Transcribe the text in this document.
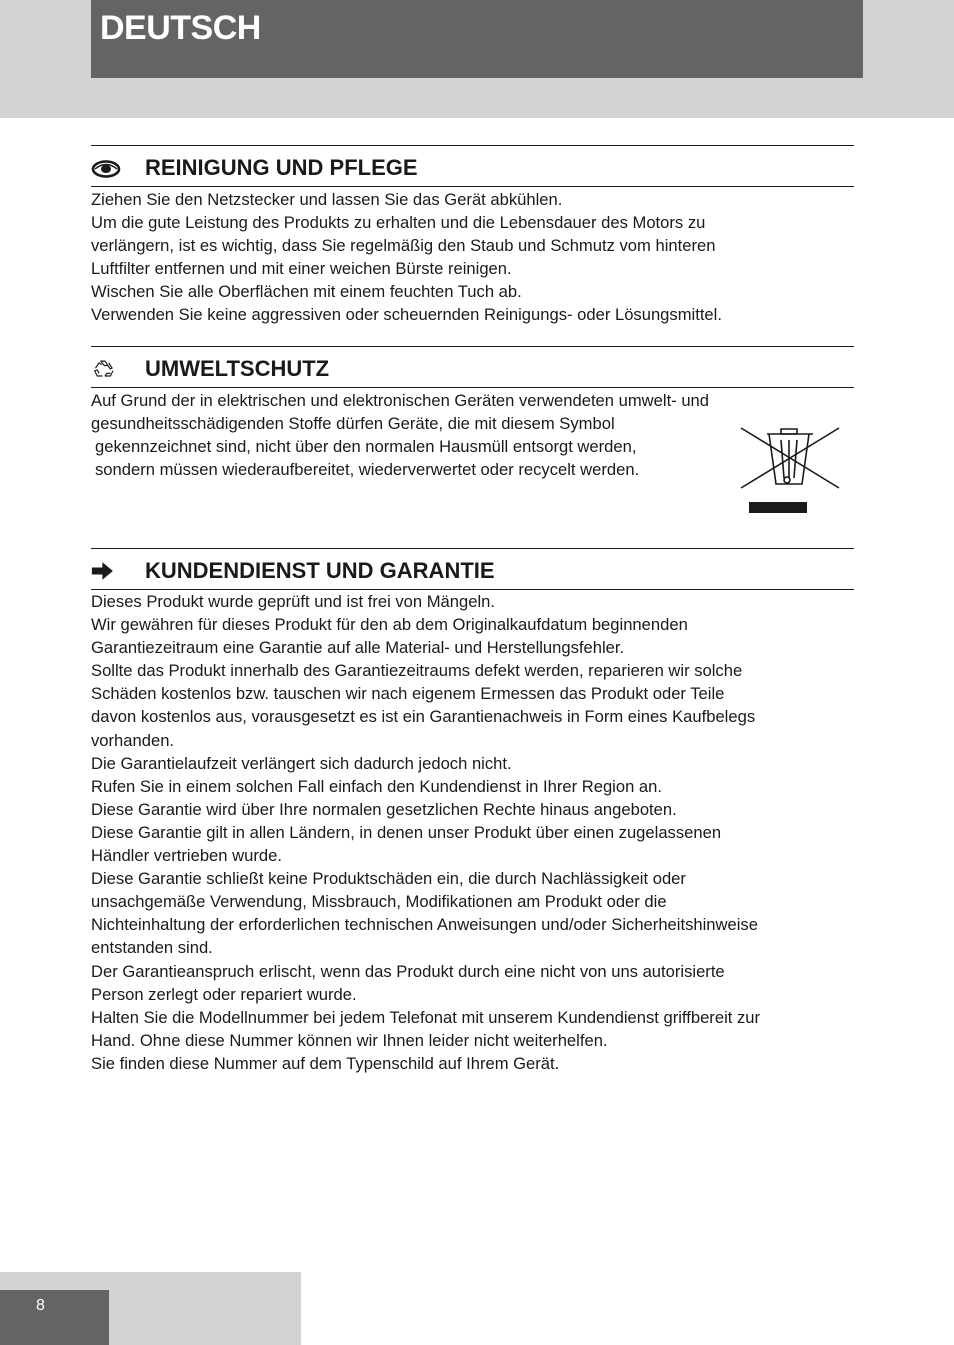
DEUTSCH
REINIGUNG UND PFLEGE

Ziehen Sie den Netzstecker und lassen Sie das Gerät abkühlen.

Um die gute Leistung des Produkts zu erhalten und die Lebensdauer des Motors zu

verlängern, ist es wichtig, dass Sie regelmäßig den Staub und Schmutz vom hinteren

Luftfilter entfernen und mit einer weichen Bürste reinigen.

Wischen Sie alle Oberflächen mit einem feuchten Tuch ab.

Verwenden Sie keine aggressiven oder scheuernden Reinigungs- oder Lösungsmittel.

UMWELTSCHUTZ

Auf Grund der in elektrischen und elektronischen Geräten verwendeten umwelt- und

gesundheitsschädigenden Stoffe dürfen Geräte, die mit diesem Symbol

gekennzeichnet sind, nicht über den normalen Hausmüll entsorgt werden,

sondern müssen wiederaufbereitet, wiederverwertet oder recycelt werden.

KUNDENDIENST UND GARANTIE

Dieses Produkt wurde geprüft und ist frei von Mängeln.

Wir gewähren für dieses Produkt für den ab dem Originalkaufdatum beginnenden

Garantiezeitraum eine Garantie auf alle Material- und Herstellungsfehler.

Sollte das Produkt innerhalb des Garantiezeitraums defekt werden, reparieren wir solche

Schäden kostenlos bzw. tauschen wir nach eigenem Ermessen das Produkt oder Teile

davon kostenlos aus, vorausgesetzt es ist ein Garantienachweis in Form eines Kaufbelegs

vorhanden.

Die Garantielaufzeit verlängert sich dadurch jedoch nicht.

Rufen Sie in einem solchen Fall einfach den Kundendienst in Ihrer Region an.

Diese Garantie wird über Ihre normalen gesetzlichen Rechte hinaus angeboten.

Diese Garantie gilt in allen Ländern, in denen unser Produkt über einen zugelassenen

Händler vertrieben wurde.

Diese Garantie schließt keine Produktschäden ein, die durch Nachlässigkeit oder

unsachgemäße Verwendung, Missbrauch, Modifikationen am Produkt oder die

Nichteinhaltung der erforderlichen technischen Anweisungen und/oder Sicherheitshinweise

entstanden sind.

Der Garantieanspruch erlischt, wenn das Produkt durch eine nicht von uns autorisierte

Person zerlegt oder repariert wurde.

Halten Sie die Modellnummer bei jedem Telefonat mit unserem Kundendienst griffbereit zur

Hand. Ohne diese Nummer können wir Ihnen leider nicht weiterhelfen.

Sie finden diese Nummer auf dem Typenschild auf Ihrem Gerät.

8
